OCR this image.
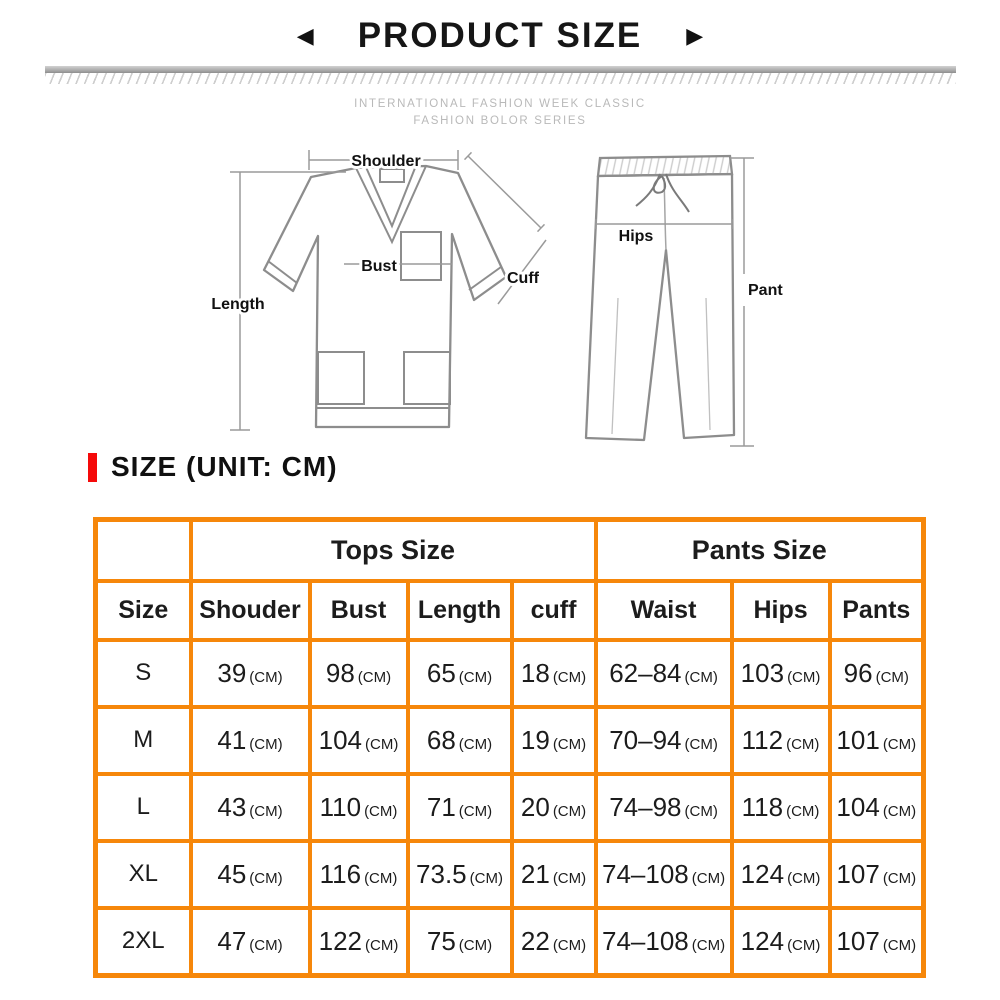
◀ PRODUCT SIZE ▶
INTERNATIONAL FASHION WEEK CLASSIC
FASHION BOLOR SERIES
Shoulder
Length
Bust
Cuff
Hips
Pant
SIZE (UNIT: CM)
	Tops Size				Pants Size		
Size	Shouder	Bust	Length	cuff	Waist	Hips	Pants
S	39 (CM)	98 (CM)	65 (CM)	18 (CM)	62–84 (CM)	103 (CM)	96 (CM)
M	41 (CM)	104 (CM)	68 (CM)	19 (CM)	70–94 (CM)	112 (CM)	101 (CM)
L	43 (CM)	110 (CM)	71 (CM)	20 (CM)	74–98 (CM)	118 (CM)	104 (CM)
XL	45 (CM)	116 (CM)	73.5 (CM)	21 (CM)	74–108 (CM)	124 (CM)	107 (CM)
2XL	47 (CM)	122 (CM)	75 (CM)	22 (CM)	74–108 (CM)	124 (CM)	107 (CM)
